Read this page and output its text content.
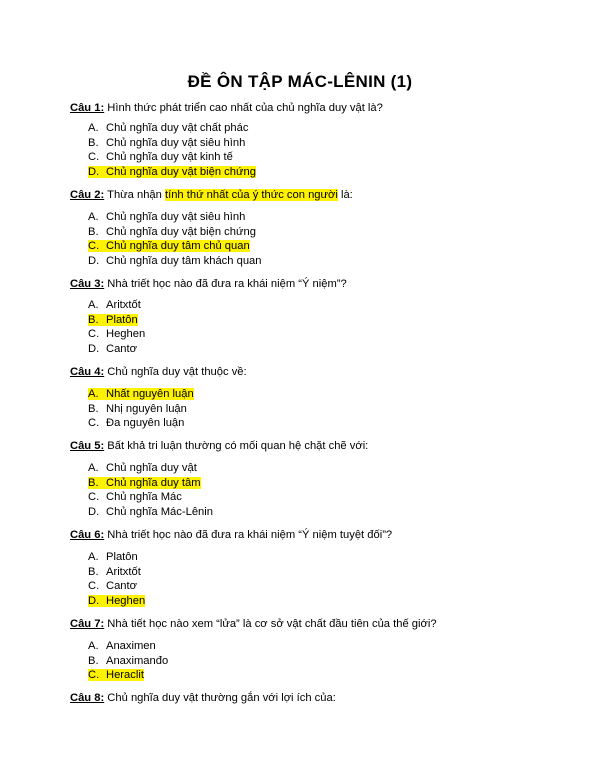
ĐỀ ÔN TẬP MÁC-LÊNIN (1)
Câu 1: Hình thức phát triển cao nhất của chủ nghĩa duy vật là?
A. Chủ nghĩa duy vật chất phác
B. Chủ nghĩa duy vật siêu hình
C. Chủ nghĩa duy vật kinh tế
D. Chủ nghĩa duy vật biện chứng
Câu 2: Thừa nhận tính thứ nhất của ý thức con người là:
A. Chủ nghĩa duy vật siêu hình
B. Chủ nghĩa duy vật biện chứng
C. Chủ nghĩa duy tâm chủ quan
D. Chủ nghĩa duy tâm khách quan
Câu 3: Nhà triết học nào đã đưa ra khái niệm “Ý niệm”?
A. Aritxtốt
B. Platôn
C. Heghen
D. Cantơ
Câu 4: Chủ nghĩa duy vật thuộc về:
A. Nhất nguyên luận
B. Nhị nguyên luận
C. Đa nguyên luận
Câu 5: Bất khả tri luận thường có mối quan hệ chặt chẽ với:
A. Chủ nghĩa duy vật
B. Chủ nghĩa duy tâm
C. Chủ nghĩa Mác
D. Chủ nghĩa Mác-Lênin
Câu 6: Nhà triết học nào đã đưa ra khái niệm “Ý niệm tuyệt đối”?
A. Platôn
B. Aritxtốt
C. Cantơ
D. Heghen
Câu 7: Nhà tiết học nào xem “lửa” là cơ sở vật chất đầu tiên của thế giới?
A. Anaximen
B. Anaximanđo
C. Heraclit
Câu 8: Chủ nghĩa duy vật thường gắn với lợi ích của:
